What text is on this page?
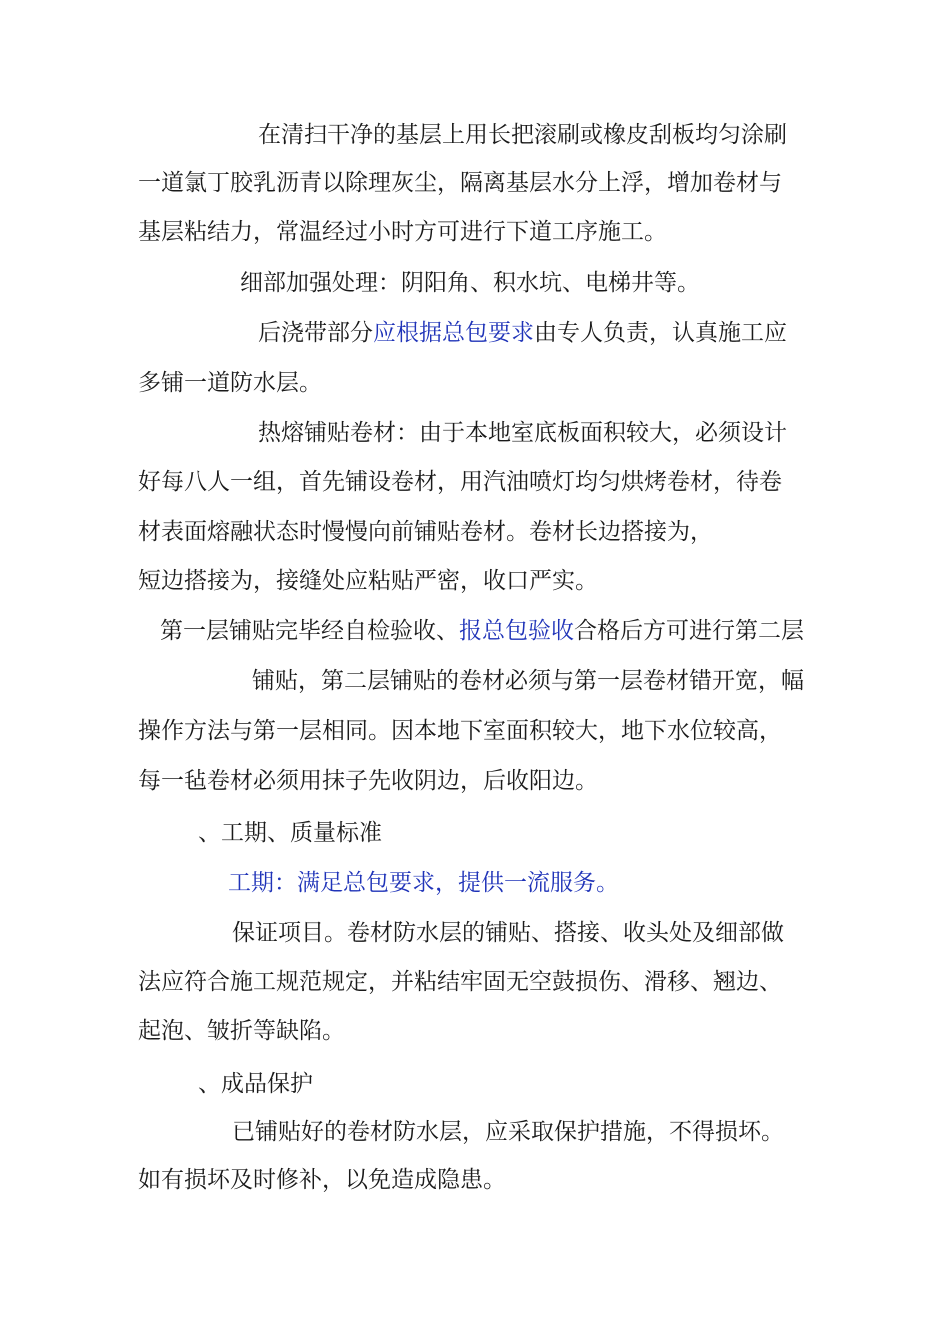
在清扫干净的基层上用长把滚刷或橡皮刮板均匀涂刷
一道氯丁胶乳沥青以除理灰尘，隔离基层水分上浮，增加卷材与
基层粘结力，常温经过小时方可进行下道工序施工。
细部加强处理：阴阳角、积水坑、电梯井等。
后浇带部分应根据总包要求由专人负责，认真施工应
多铺一道防水层。
热熔铺贴卷材：由于本地室底板面积较大，必须设计
好每八人一组，首先铺设卷材，用汽油喷灯均匀烘烤卷材，待卷
材表面熔融状态时慢慢向前铺贴卷材。卷材长边搭接为，
短边搭接为，接缝处应粘贴严密，收口严实。
第一层铺贴完毕经自检验收、报总包验收合格后方可进行第二层
铺贴，第二层铺贴的卷材必须与第一层卷材错开宽，幅
操作方法与第一层相同。因本地下室面积较大，地下水位较高，
每一毡卷材必须用抹子先收阴边，后收阳边。
、工期、质量标准
工期：满足总包要求，提供一流服务。
保证项目。卷材防水层的铺贴、搭接、收头处及细部做
法应符合施工规范规定，并粘结牢固无空鼓损伤、滑移、翘边、
起泡、皱折等缺陷。
、成品保护
已铺贴好的卷材防水层，应采取保护措施，不得损坏。
如有损坏及时修补，以免造成隐患。
